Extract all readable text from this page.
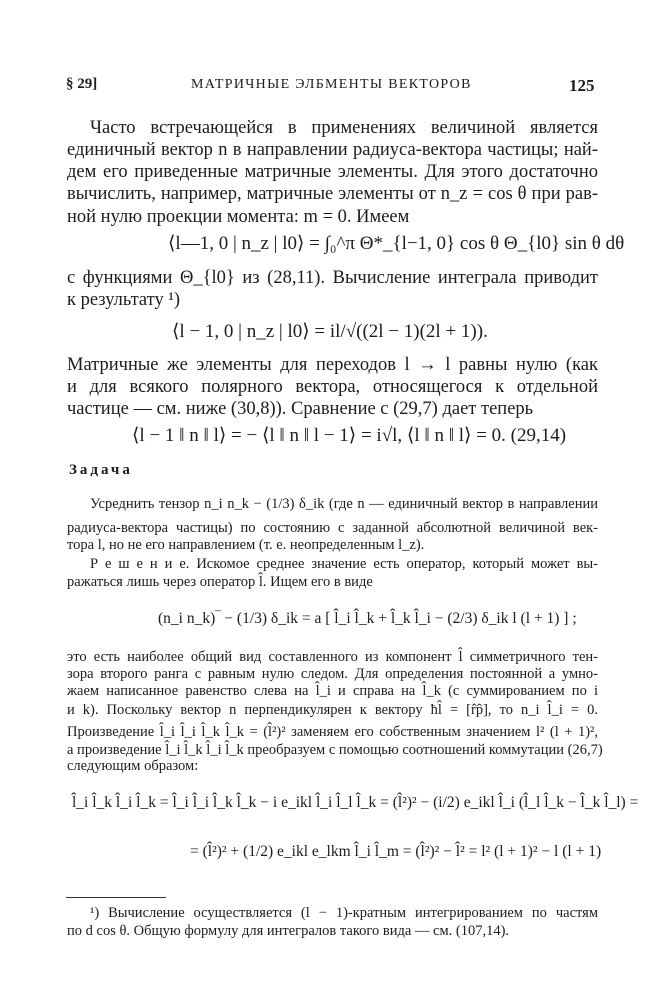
§ 29]	МАТРИЧНЫЕ ЭЛБМЕНТЫ ВЕКТОРОВ	125
Часто встречающейся в применениях величиной является
единичный вектор n в направлении радиуса-вектора частицы; най-
дем его приведенные матричные элементы. Для этого достаточно
вычислить, например, матричные элементы от n_z = cos θ при рав-
ной нулю проекции момента: m = 0. Имеем
⟨l—1, 0 | n_z | l0⟩ = ∫₀^π Θ*_{l−1, 0} cos θ Θ_{l0} sin θ dθ
с функциями Θ_{l0} из (28,11). Вычисление интеграла приводит
к результату ¹)
⟨l − 1, 0 | n_z | l0⟩ = il/√((2l − 1)(2l + 1)).
Матричные же элементы для переходов l → l равны нулю (как
и для всякого полярного вектора, относящегося к отдельной
частице — см. ниже (30,8)). Сравнение с (29,7) дает теперь
⟨l − 1 ‖ n ‖ l⟩ = − ⟨l ‖ n ‖ l − 1⟩ = i√l, ⟨l ‖ n ‖ l⟩ = 0. (29,14)
Задача
Усреднить тензор n_i n_k − (1/3) δ_ik (где n — единичный вектор в направлении
радиуса-вектора частицы) по состоянию с заданной абсолютной величиной век-
тора l, но не его направлением (т. е. неопределенным l_z).
Р е ш е н и е. Искомое среднее значение есть оператор, который может вы-
ражаться лишь через оператор l̂. Ищем его в виде
(n_i n_k)‾ − (1/3) δ_ik = a [ l̂_i l̂_k + l̂_k l̂_i − (2/3) δ_ik l (l + 1) ] ;
это есть наиболее общий вид составленного из компонент l̂ симметричного тен-
зора второго ранга с равным нулю следом. Для определения постоянной a умно-
жаем написанное равенство слева на l̂_i и справа на l̂_k (с суммированием по i
и k). Поскольку вектор n перпендикулярен к вектору ħl̂ = [r̂p̂], то n_i l̂_i = 0.
Произведение l̂_i l̂_i l̂_k l̂_k = (l̂²)² заменяем его собственным значением l² (l + 1)²,
а произведение l̂_i l̂_k l̂_i l̂_k преобразуем с помощью соотношений коммутации (26,7)
следующим образом:
l̂_i l̂_k l̂_i l̂_k = l̂_i l̂_i l̂_k l̂_k − i e_ikl l̂_i l̂_l l̂_k = (l̂²)² − (i/2) e_ikl l̂_i (l̂_l l̂_k − l̂_k l̂_l) =
= (l̂²)² + (1/2) e_ikl e_lkm l̂_i l̂_m = (l̂²)² − l̂² = l² (l + 1)² − l (l + 1)
¹) Вычисление осуществляется (l − 1)-кратным интегрированием по частям
по d cos θ. Общую формулу для интегралов такого вида — см. (107,14).
